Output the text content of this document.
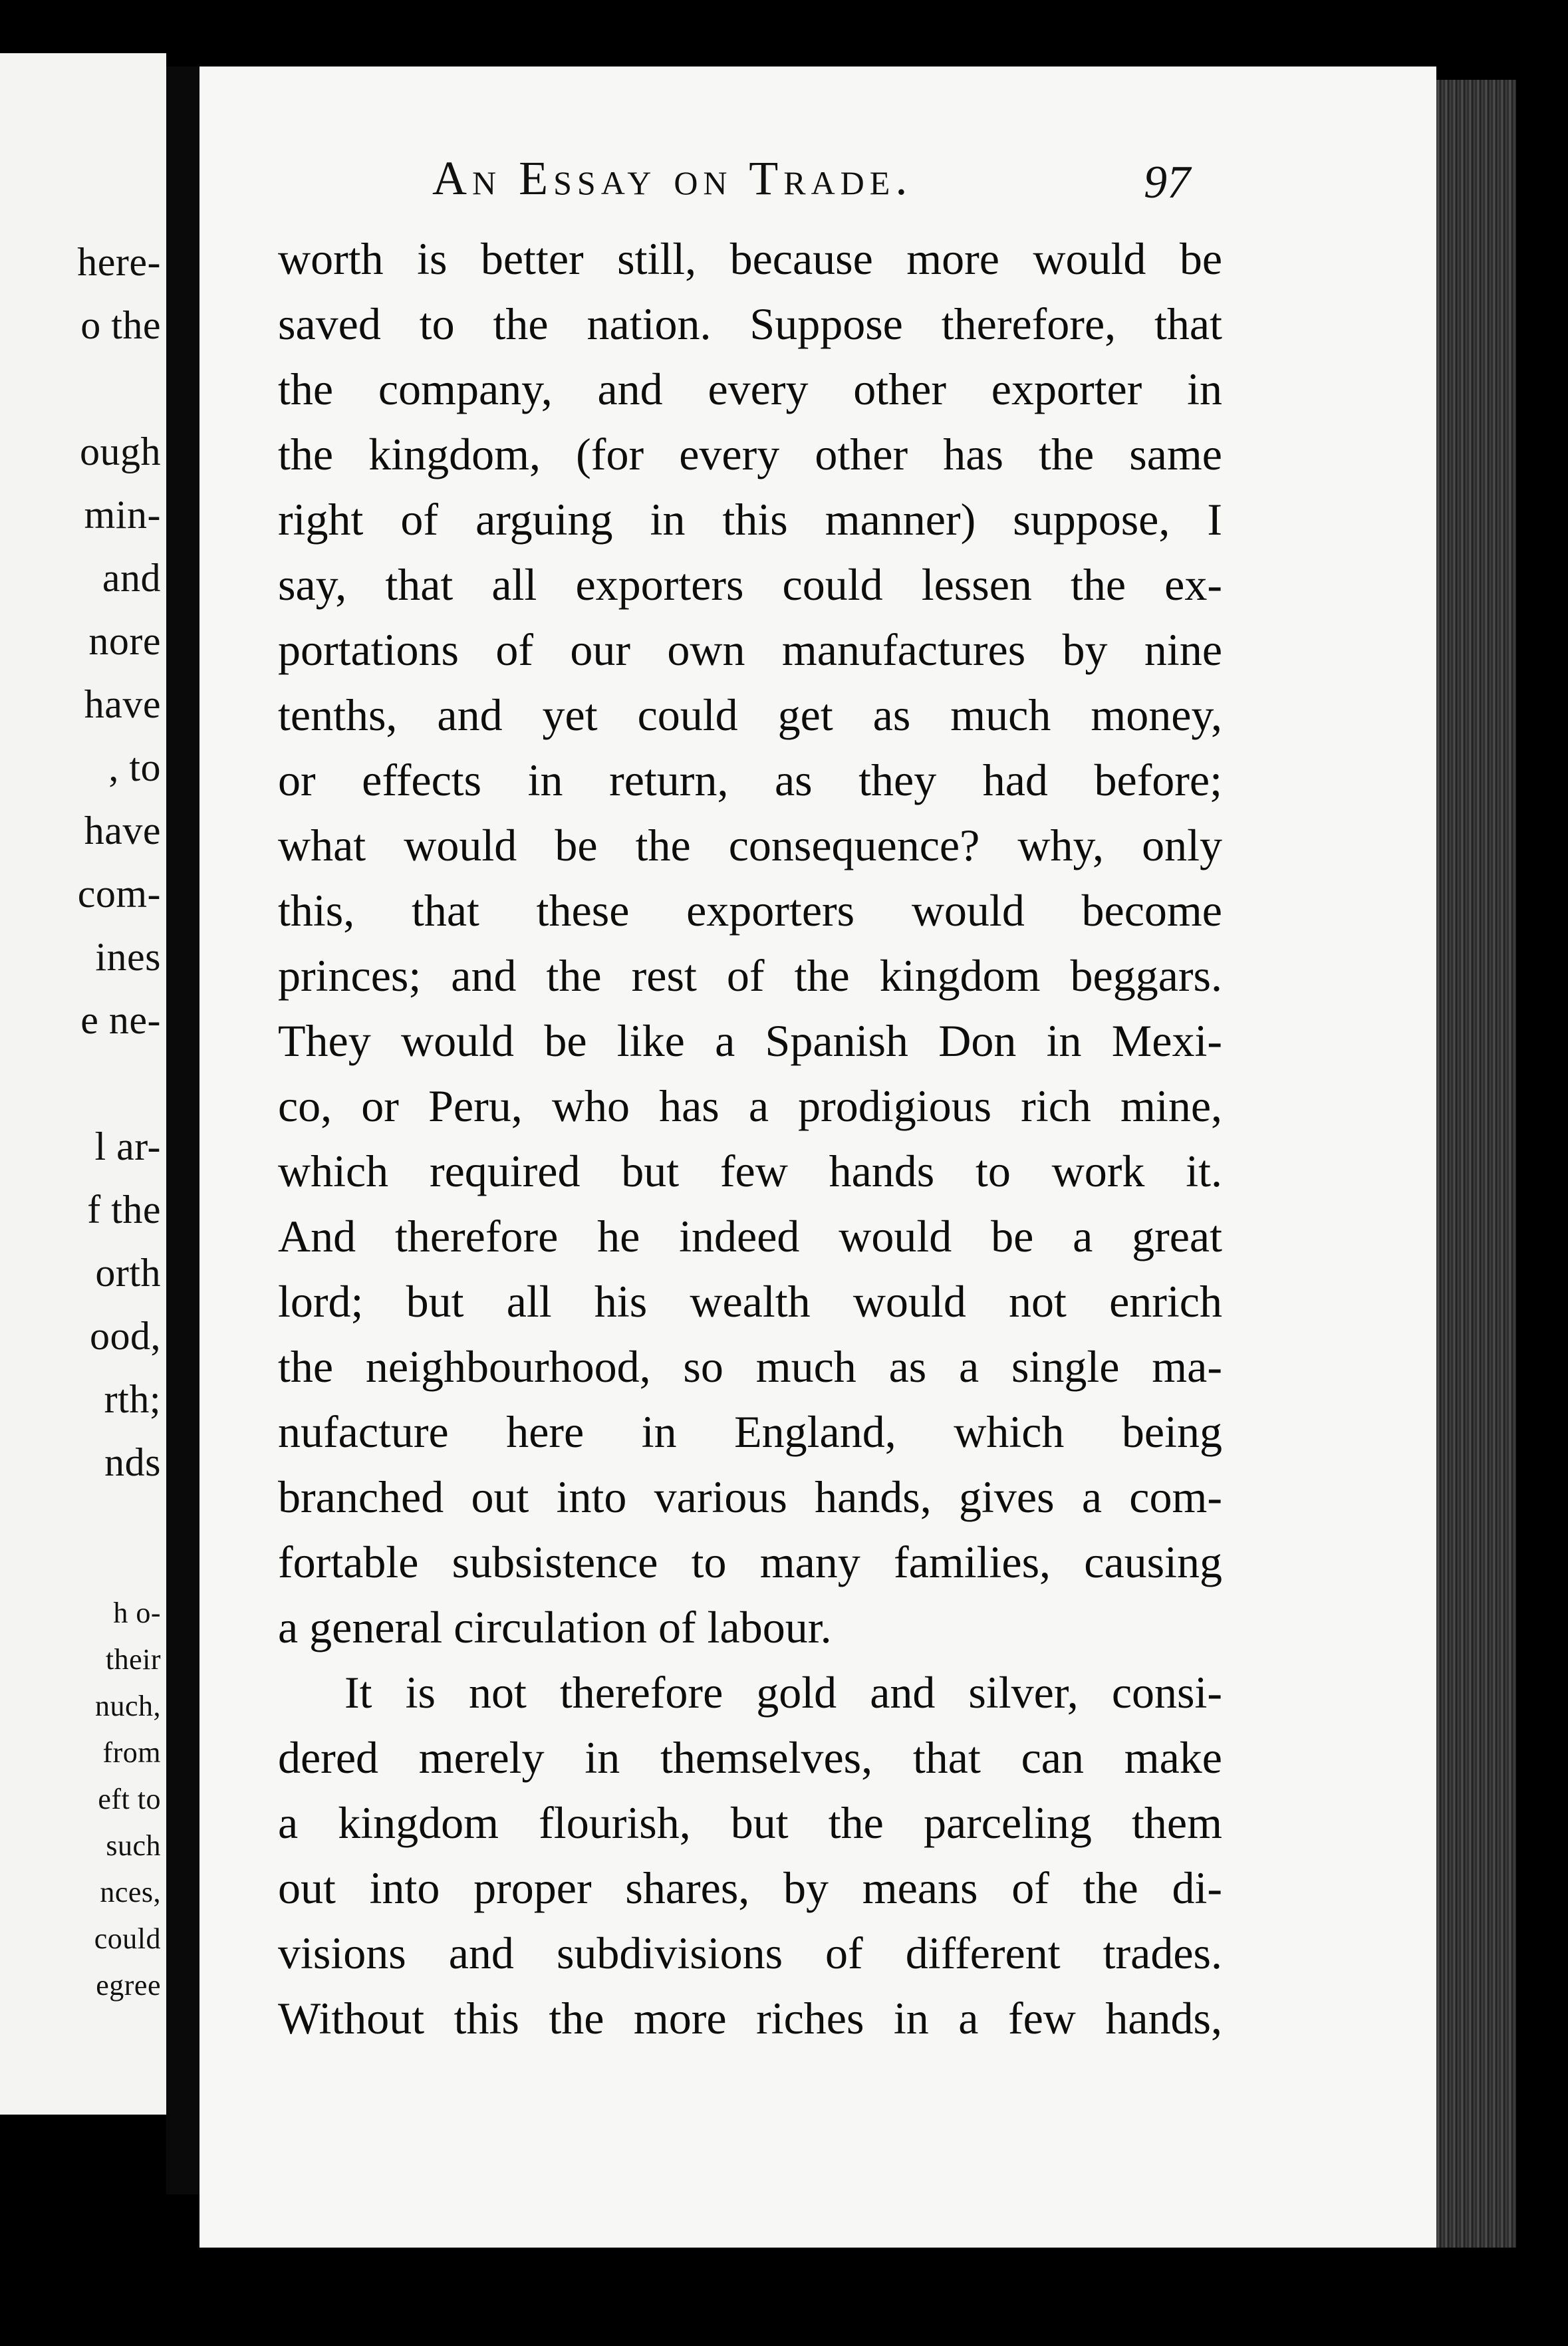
here-
o the
ough
min-
and
nore
have
, to
have
com-
ines
e ne-
l ar-
f the
orth
ood,
rth;
nds
h o-
their
nuch,
from
eft to
such
nces,
could
egree
An Essay on Trade.	97
worth is better still, because more would be
saved to the nation. Suppose therefore, that
the company, and every other exporter in
the kingdom, (for every other has the same
right of arguing in this manner) suppose, I
say, that all exporters could lessen the ex-
portations of our own manufactures by nine
tenths, and yet could get as much money,
or effects in return, as they had before;
what would be the consequence? why, only
this, that these exporters would become
princes; and the rest of the kingdom beggars.
They would be like a Spanish Don in Mexi-
co, or Peru, who has a prodigious rich mine,
which required but few hands to work it.
And therefore he indeed would be a great
lord; but all his wealth would not enrich
the neighbourhood, so much as a single ma-
nufacture here in England, which being
branched out into various hands, gives a com-
fortable subsistence to many families, causing
a general circulation of labour.
It is not therefore gold and silver, consi-
dered merely in themselves, that can make
a kingdom flourish, but the parceling them
out into proper shares, by means of the di-
visions and subdivisions of different trades.
Without this the more riches in a few hands,
